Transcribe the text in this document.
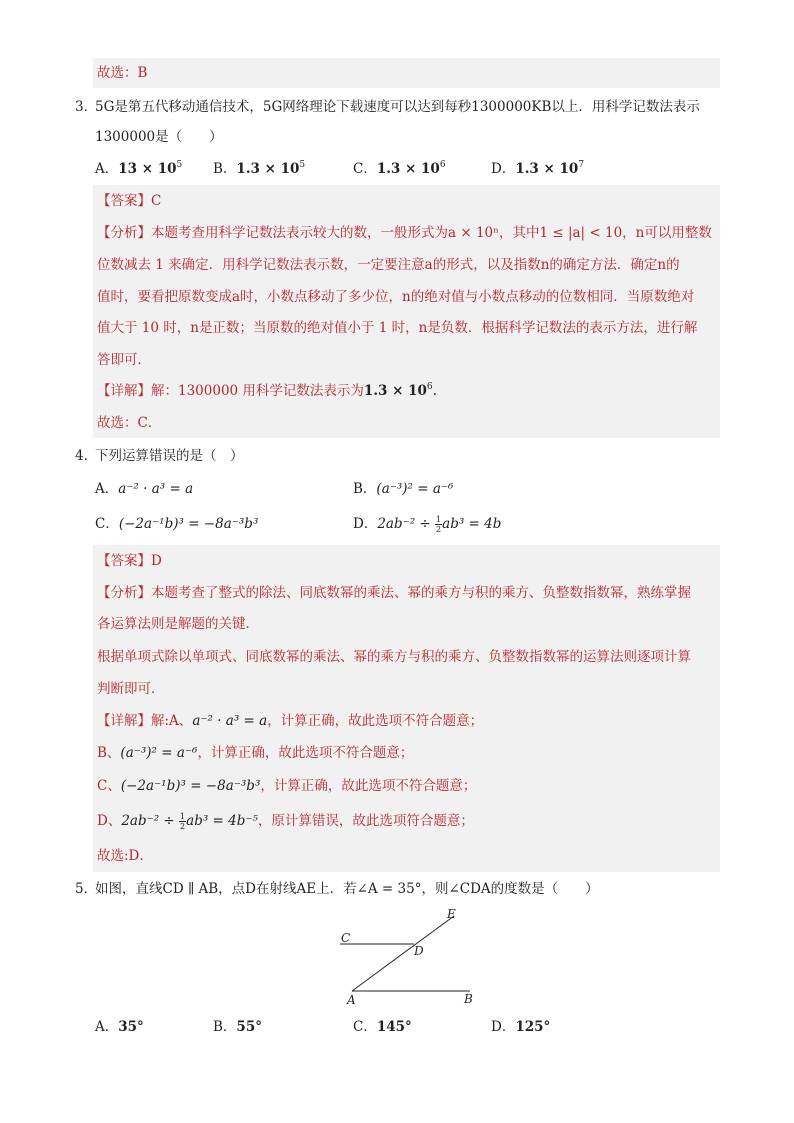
故选：B
3．
5G是第五代移动通信技术，5G网络理论下载速度可以达到每秒1300000KB以上．用科学记数法表示
1300000是（　　）
A．$13 \times 10^5$ B．$1.3 \times 10^5$	C．$1.3 \times 10^6$	D．$1.3 \times 10^7$
【答案】C
【分析】本题考查用科学记数法表示较大的数，一般形式为a × 10ⁿ，其中1 ≤ |a| < 10，n可以用整数
位数减去 1 来确定．用科学记数法表示数，一定要注意a的形式，以及指数n的确定方法．确定n的
值时，要看把原数变成a时，小数点移动了多少位，n的绝对值与小数点移动的位数相同．当原数绝对
值大于 10 时，n是正数；当原数的绝对值小于 1 时，n是负数．根据科学记数法的表示方法，进行解
答即可．
【详解】解：1300000 用科学记数法表示为$1.3 \times 10^6$.
故选：C．
4．
下列运算错误的是（　）
A．a⁻² · a³ = a	B．(a⁻³)² = a⁻⁶
C．(−2a⁻¹b)³ = −8a⁻³b³	D．$2ab^{-2} \div \frac{1}{2} ab^3 = 4b$
【答案】D
【分析】本题考查了整式的除法、同底数幂的乘法、幂的乘方与积的乘方、负整数指数幂，熟练掌握
各运算法则是解题的关键．
根据单项式除以单项式、同底数幂的乘法、幂的乘方与积的乘方、负整数指数幂的运算法则逐项计算
判断即可．
【详解】解:A、a⁻² · a³ = a，计算正确，故此选项不符合题意；
B、(a⁻³)² = a⁻⁶，计算正确，故此选项不符合题意；
C、(−2a⁻¹b)³ = −8a⁻³b³，计算正确，故此选项不符合题意；
D、$2ab^{-2} \div \frac{1}{2} ab^3 = 4b^{-5}$，原计算错误，故此选项符合题意；
故选:D．
5．
如图，直线CD ∥ AB，点D在射线AE上．若∠A = 35°，则∠CDA的度数是（　　）
E
C
D
A	B
A．35°	B．55°	C．145°	D．125°
